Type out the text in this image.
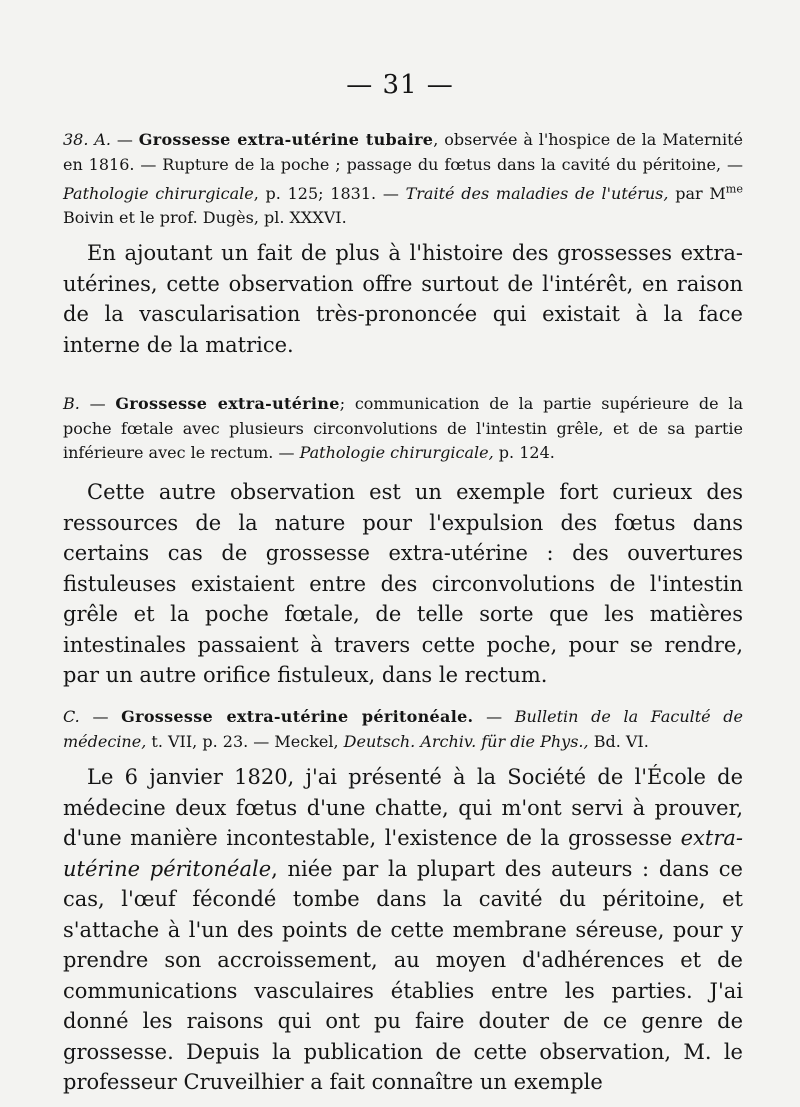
— 31 —
38. A. — Grossesse extra-utérine tubaire, observée à l'hospice de la Maternité en 1816. — Rupture de la poche ; passage du fœtus dans la cavité du péritoine, — Pathologie chirurgicale, p. 125; 1831. — Traité des maladies de l'utérus, par $M^{me}$ Boivin et le prof. Dugès, pl. XXXVI.
En ajoutant un fait de plus à l'histoire des grossesses extra-utérines, cette observation offre surtout de l'intérêt, en raison de la vascularisation très-prononcée qui existait à la face interne de la matrice.
B. — Grossesse extra-utérine; communication de la partie supérieure de la poche fœtale avec plusieurs circonvolutions de l'intestin grêle, et de sa partie inférieure avec le rectum. — Pathologie chirurgicale, p. 124.
Cette autre observation est un exemple fort curieux des ressources de la nature pour l'expulsion des fœtus dans certains cas de grossesse extra-utérine : des ouvertures fistuleuses existaient entre des circonvolutions de l'intestin grêle et la poche fœtale, de telle sorte que les matières intestinales passaient à travers cette poche, pour se rendre, par un autre orifice fistuleux, dans le rectum.
C. — Grossesse extra-utérine péritonéale. — Bulletin de la Faculté de médecine, t. VII, p. 23. — Meckel, Deutsch. Archiv. für die Phys., Bd. VI.
Le 6 janvier 1820, j'ai présenté à la Société de l'École de médecine deux fœtus d'une chatte, qui m'ont servi à prouver, d'une manière incontestable, l'existence de la grossesse extra-utérine péritonéale, niée par la plupart des auteurs : dans ce cas, l'œuf fécondé tombe dans la cavité du péritoine, et s'attache à l'un des points de cette membrane séreuse, pour y prendre son accroissement, au moyen d'adhérences et de communications vasculaires établies entre les parties. J'ai donné les raisons qui ont pu faire douter de ce genre de grossesse. Depuis la publication de cette observation, M. le professeur Cruveilhier a fait connaître un exemple
